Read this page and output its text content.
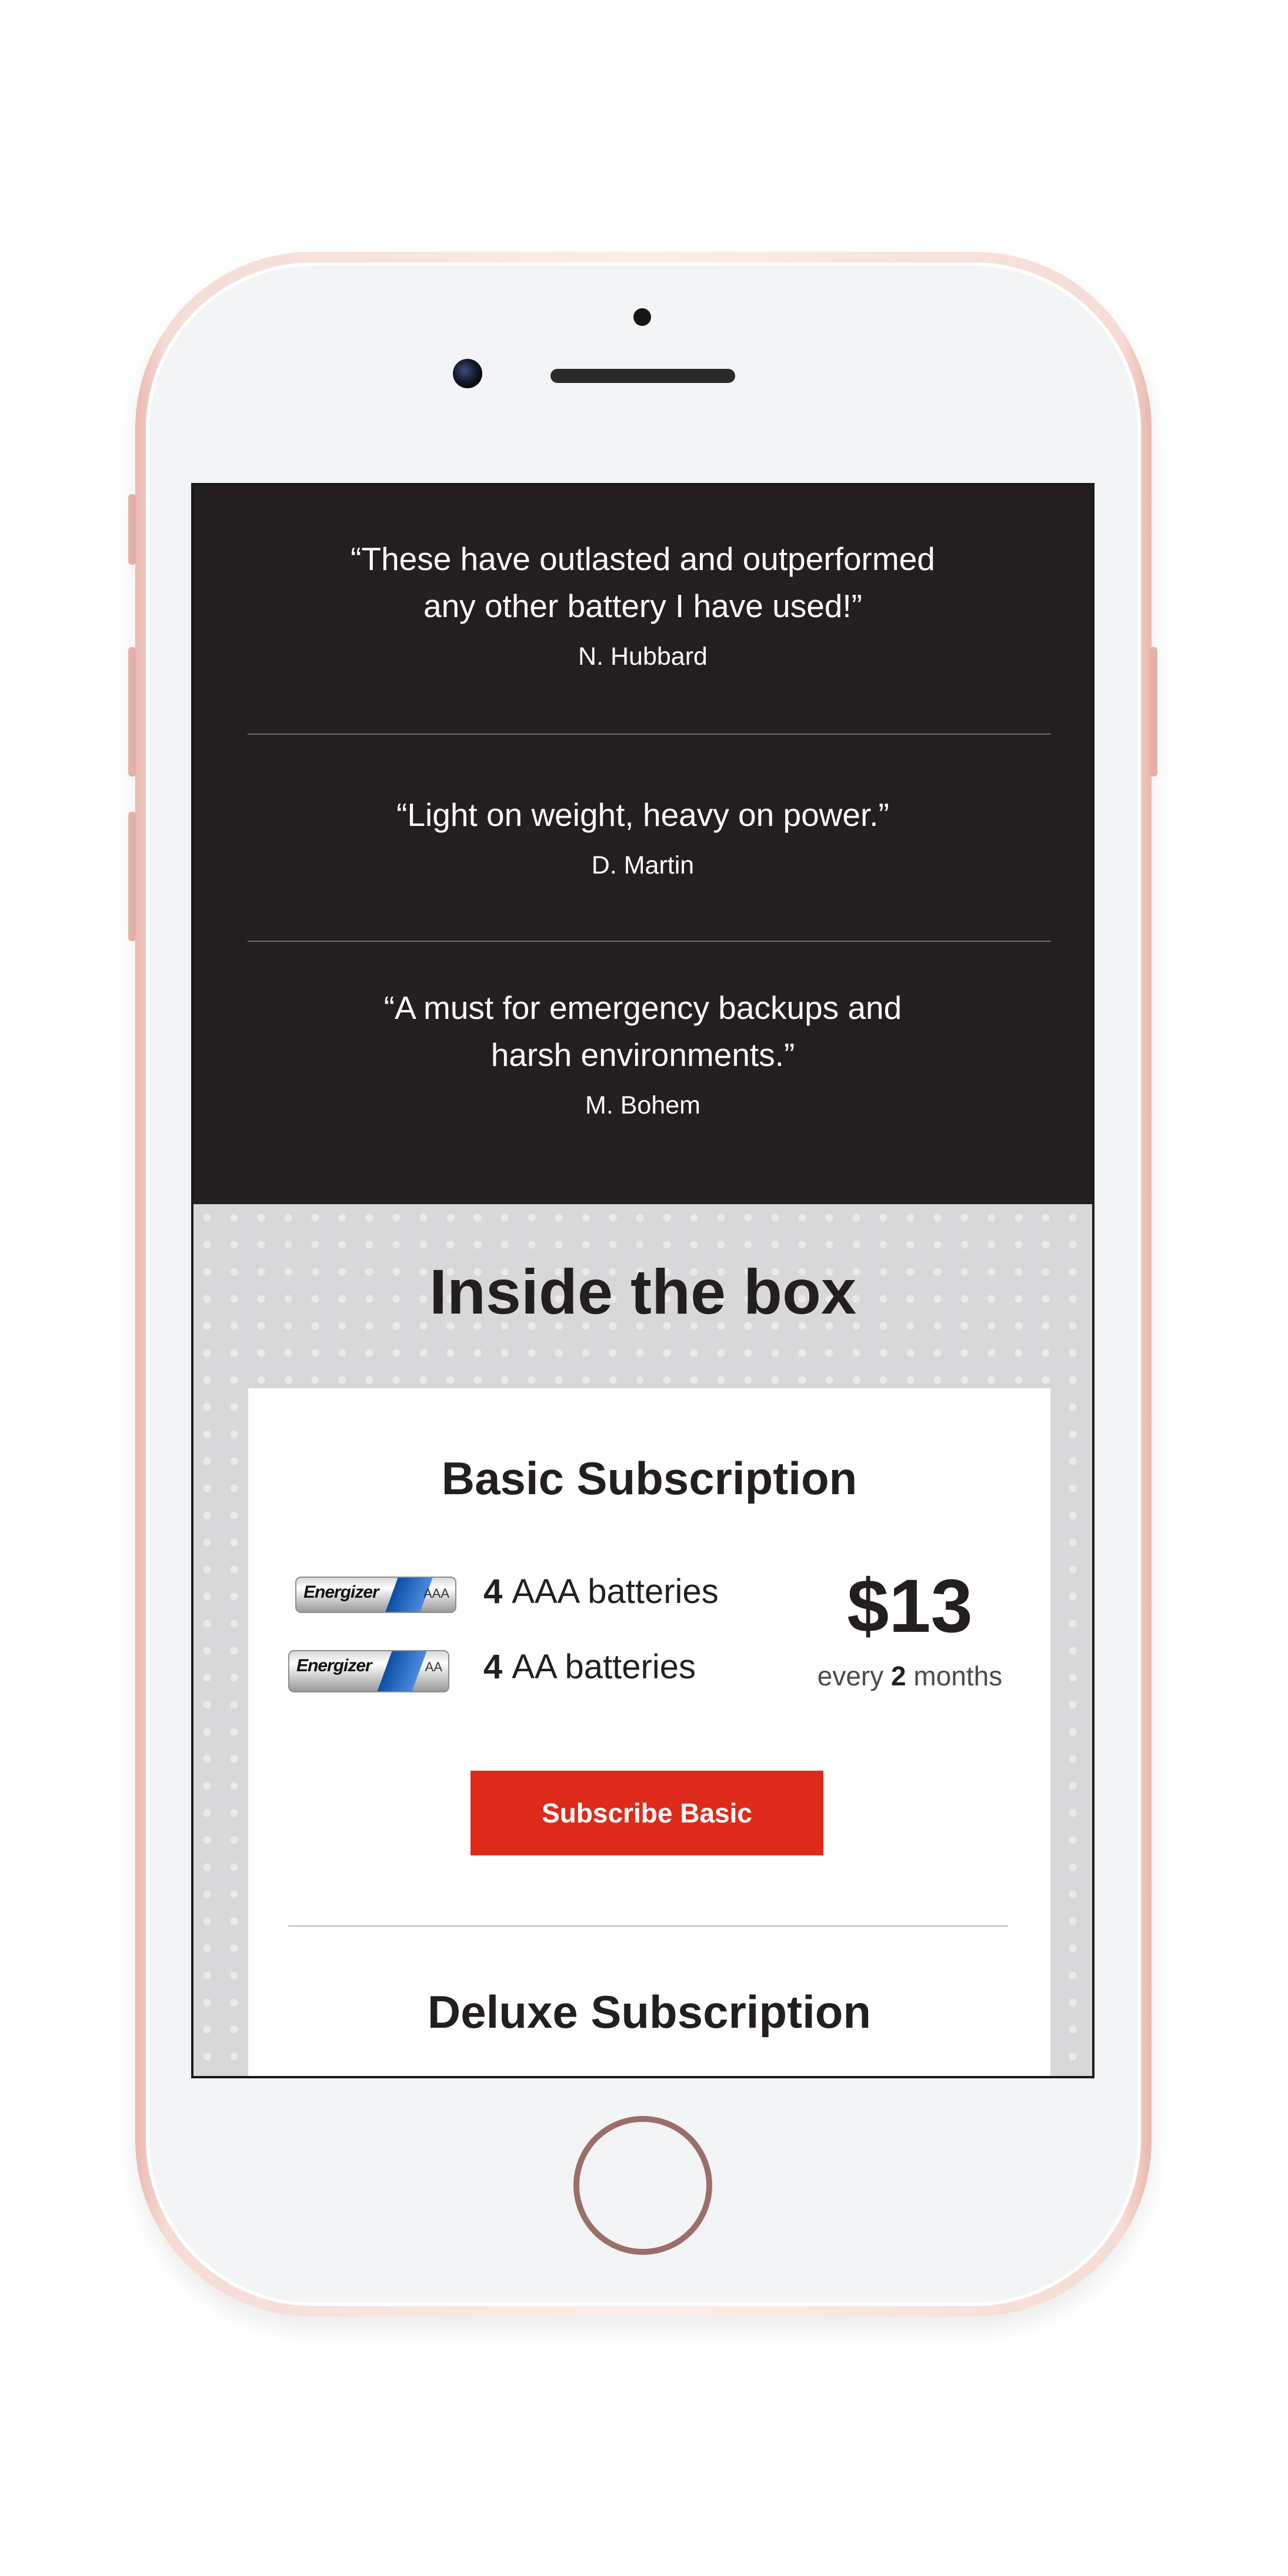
“These have outlasted and outperformed
any other battery I have used!”

N. Hubbard

“Light on weight, heavy on power.”

D. Martin

“A must for emergency backups and
harsh environments.”

M. Bohem
Inside the box
Basic Subscription
Energizer	AAA 4 AAA batteries
Energizer	AA 4 AA batteries
$13
every 2 months
Subscribe Basic
Deluxe Subscription
